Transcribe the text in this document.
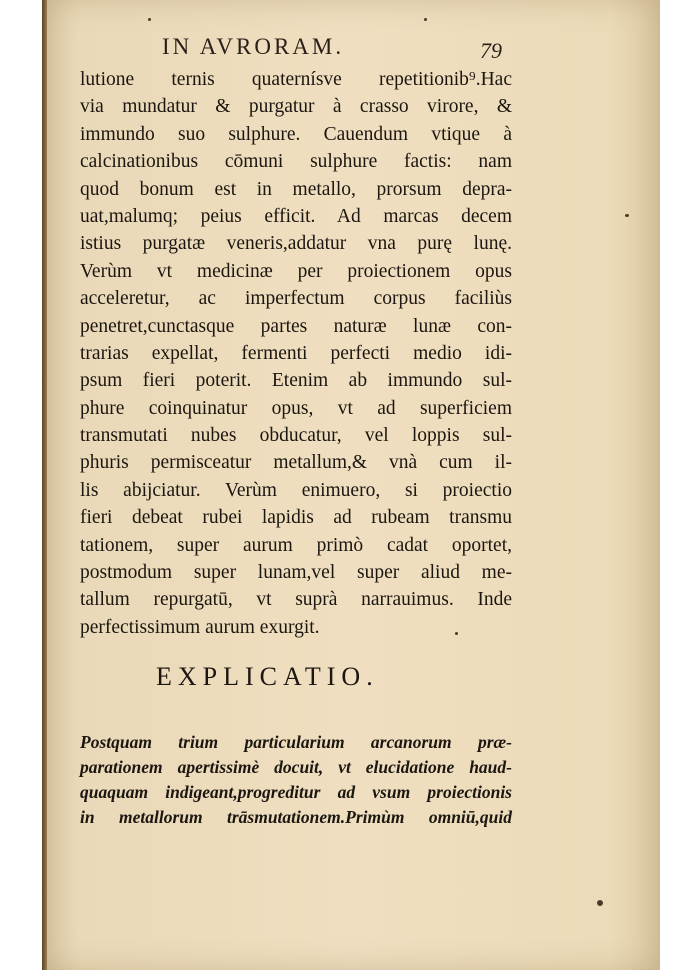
IN AVRORAM.	79
lutione ternis quaternísve repetitionib⁹.Hac
via mundatur & purgatur à crasso virore, &
immundo suo sulphure. Cauendum vtique à
calcinationibus cōmuni sulphure factis: nam
quod bonum est in metallo, prorsum depra-
uat,malumq; peius efficit. Ad marcas decem
istius purgatæ veneris,addatur vna purę lunę.
Verùm vt medicinæ per proiectionem opus
acceleretur, ac imperfectum corpus faciliùs
penetret,cunctasque partes naturæ lunæ con-
trarias expellat, fermenti perfecti medio idi-
psum fieri poterit. Etenim ab immundo sul-
phure coinquinatur opus, vt ad superficiem
transmutati nubes obducatur, vel loppis sul-
phuris permisceatur metallum,& vnà cum il-
lis abijciatur. Verùm enimuero, si proiectio
fieri debeat rubei lapidis ad rubeam transmu
tationem, super aurum primò cadat oportet,
postmodum super lunam,vel super aliud me-
tallum repurgatū, vt suprà narrauimus. Inde
perfectissimum aurum exurgit.
EXPLICATIO.
Postquam trium particularium arcanorum præ-
parationem apertissimè docuit, vt elucidatione haud-
quaquam indigeant,progreditur ad vsum proiectionis
in metallorum trāsmutationem.Primùm omniū,quid
